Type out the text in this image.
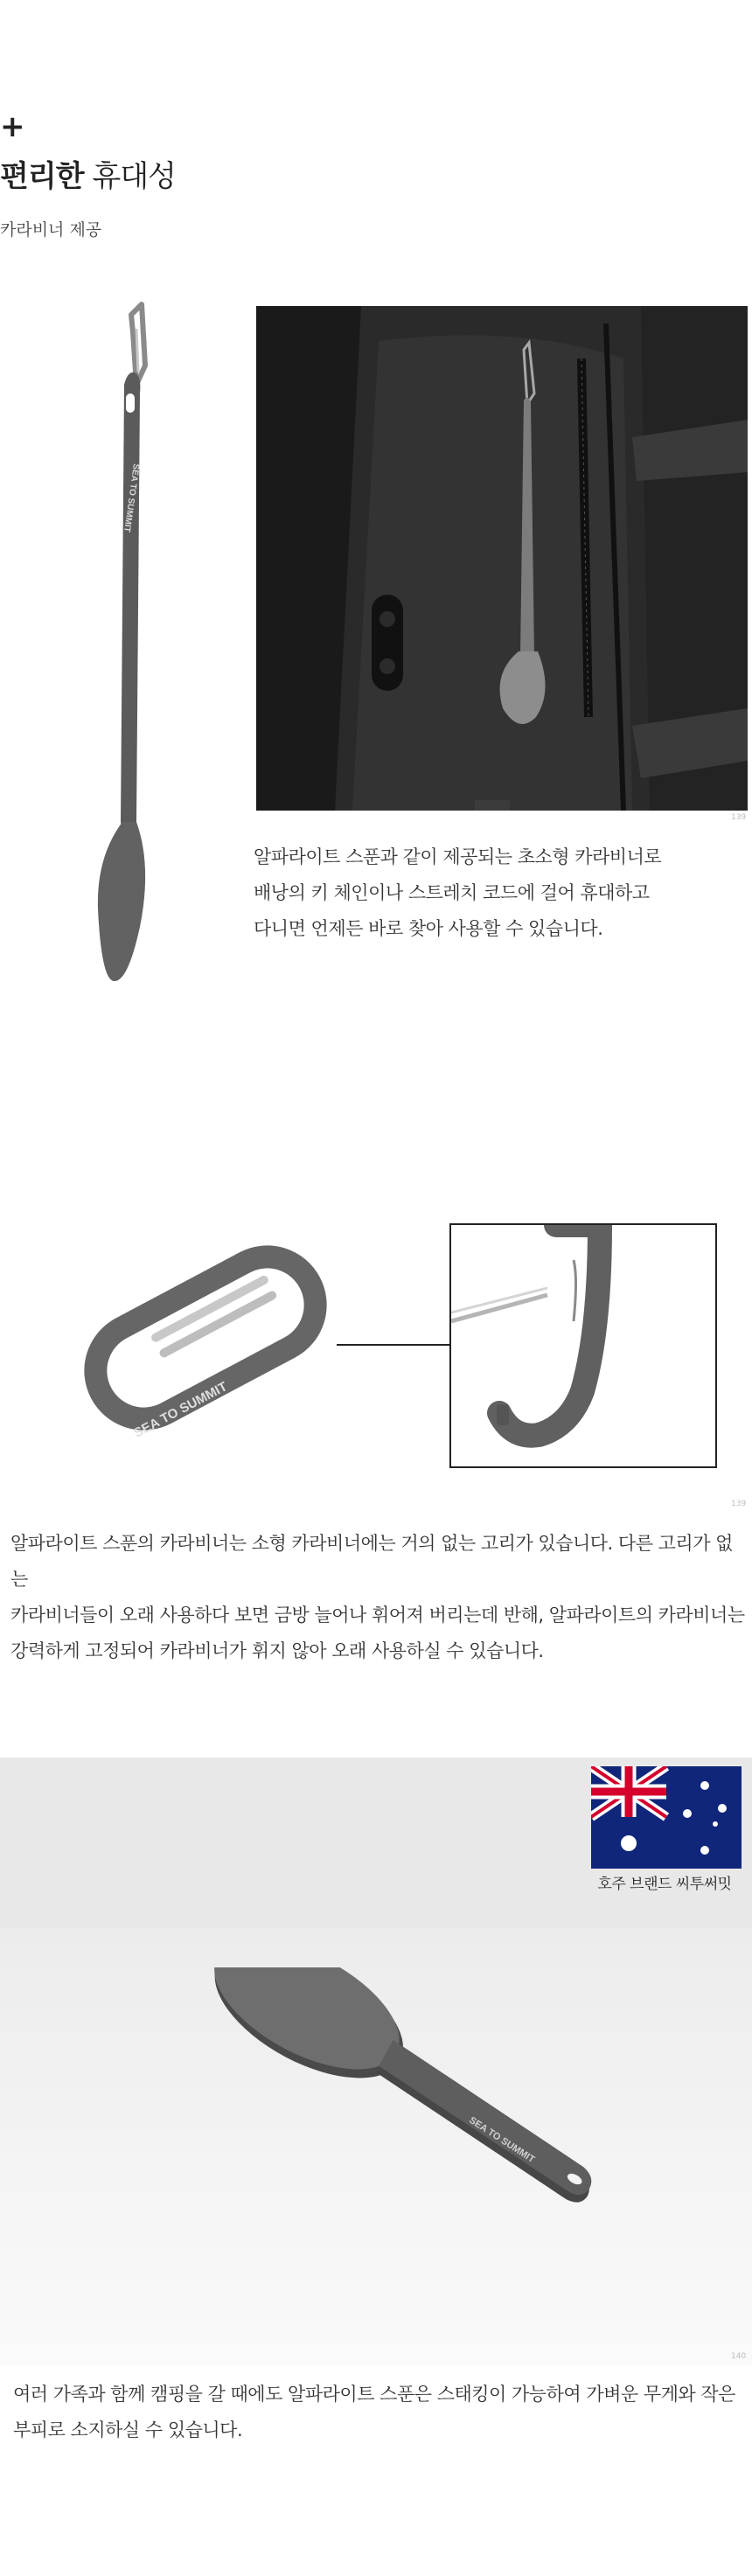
+
편리한 휴대성
카라비너 제공
SEA TO SUMMIT
139
알파라이트 스푼과 같이 제공되는 초소형 카라비너로
배낭의 키 체인이나 스트레치 코드에 걸어 휴대하고
다니면 언제든 바로 찾아 사용할 수 있습니다.
SEA TO SUMMIT
139
알파라이트 스푼의 카라비너는 소형 카라비너에는 거의 없는 고리가 있습니다. 다른 고리가 없는
카라비너들이 오래 사용하다 보면 금방 늘어나 휘어져 버리는데 반해, 알파라이트의 카라비너는
강력하게 고정되어 카라비너가 휘지 않아 오래 사용하실 수 있습니다.
호주 브랜드 씨투써밋
SEA TO SUMMIT
140
여러 가족과 함께 캠핑을 갈 때에도 알파라이트 스푼은 스태킹이 가능하여 가벼운 무게와 작은
부피로 소지하실 수 있습니다.
